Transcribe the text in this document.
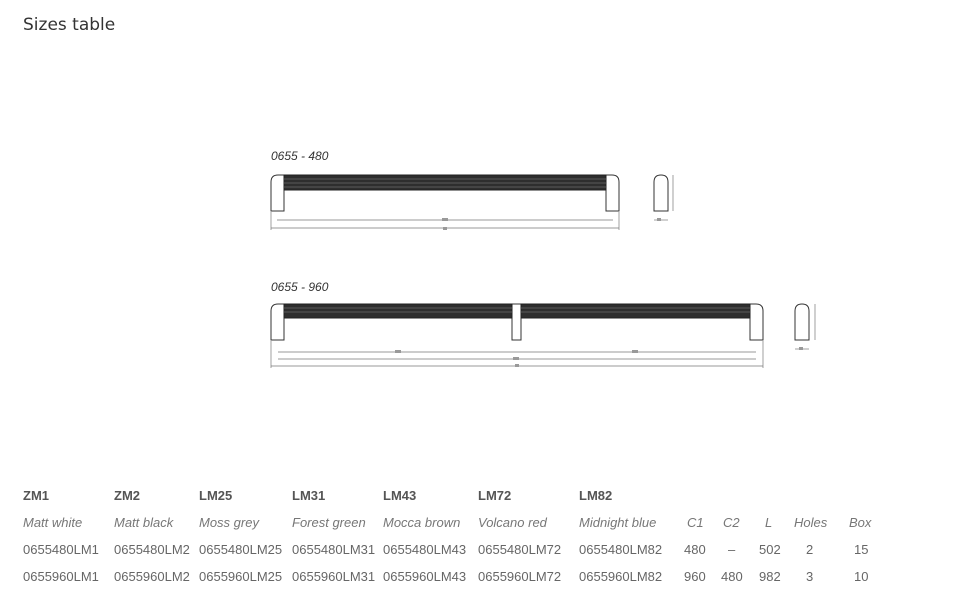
Sizes table
0655 - 480
0655 - 960
ZM1
Matt white
0655480LM1
0655960LM1
ZM2
Matt black
0655480LM2
0655960LM2
LM25
Moss grey
0655480LM25
0655960LM25
LM31
Forest green
0655480LM31
0655960LM31
LM43
Mocca brown
0655480LM43
0655960LM43
LM72
Volcano red
0655480LM72
0655960LM72
LM82
Midnight blue
0655480LM82
0655960LM82
C1 C2 L Holes Box
480 – 502 2	15
960 480 982 3	10
